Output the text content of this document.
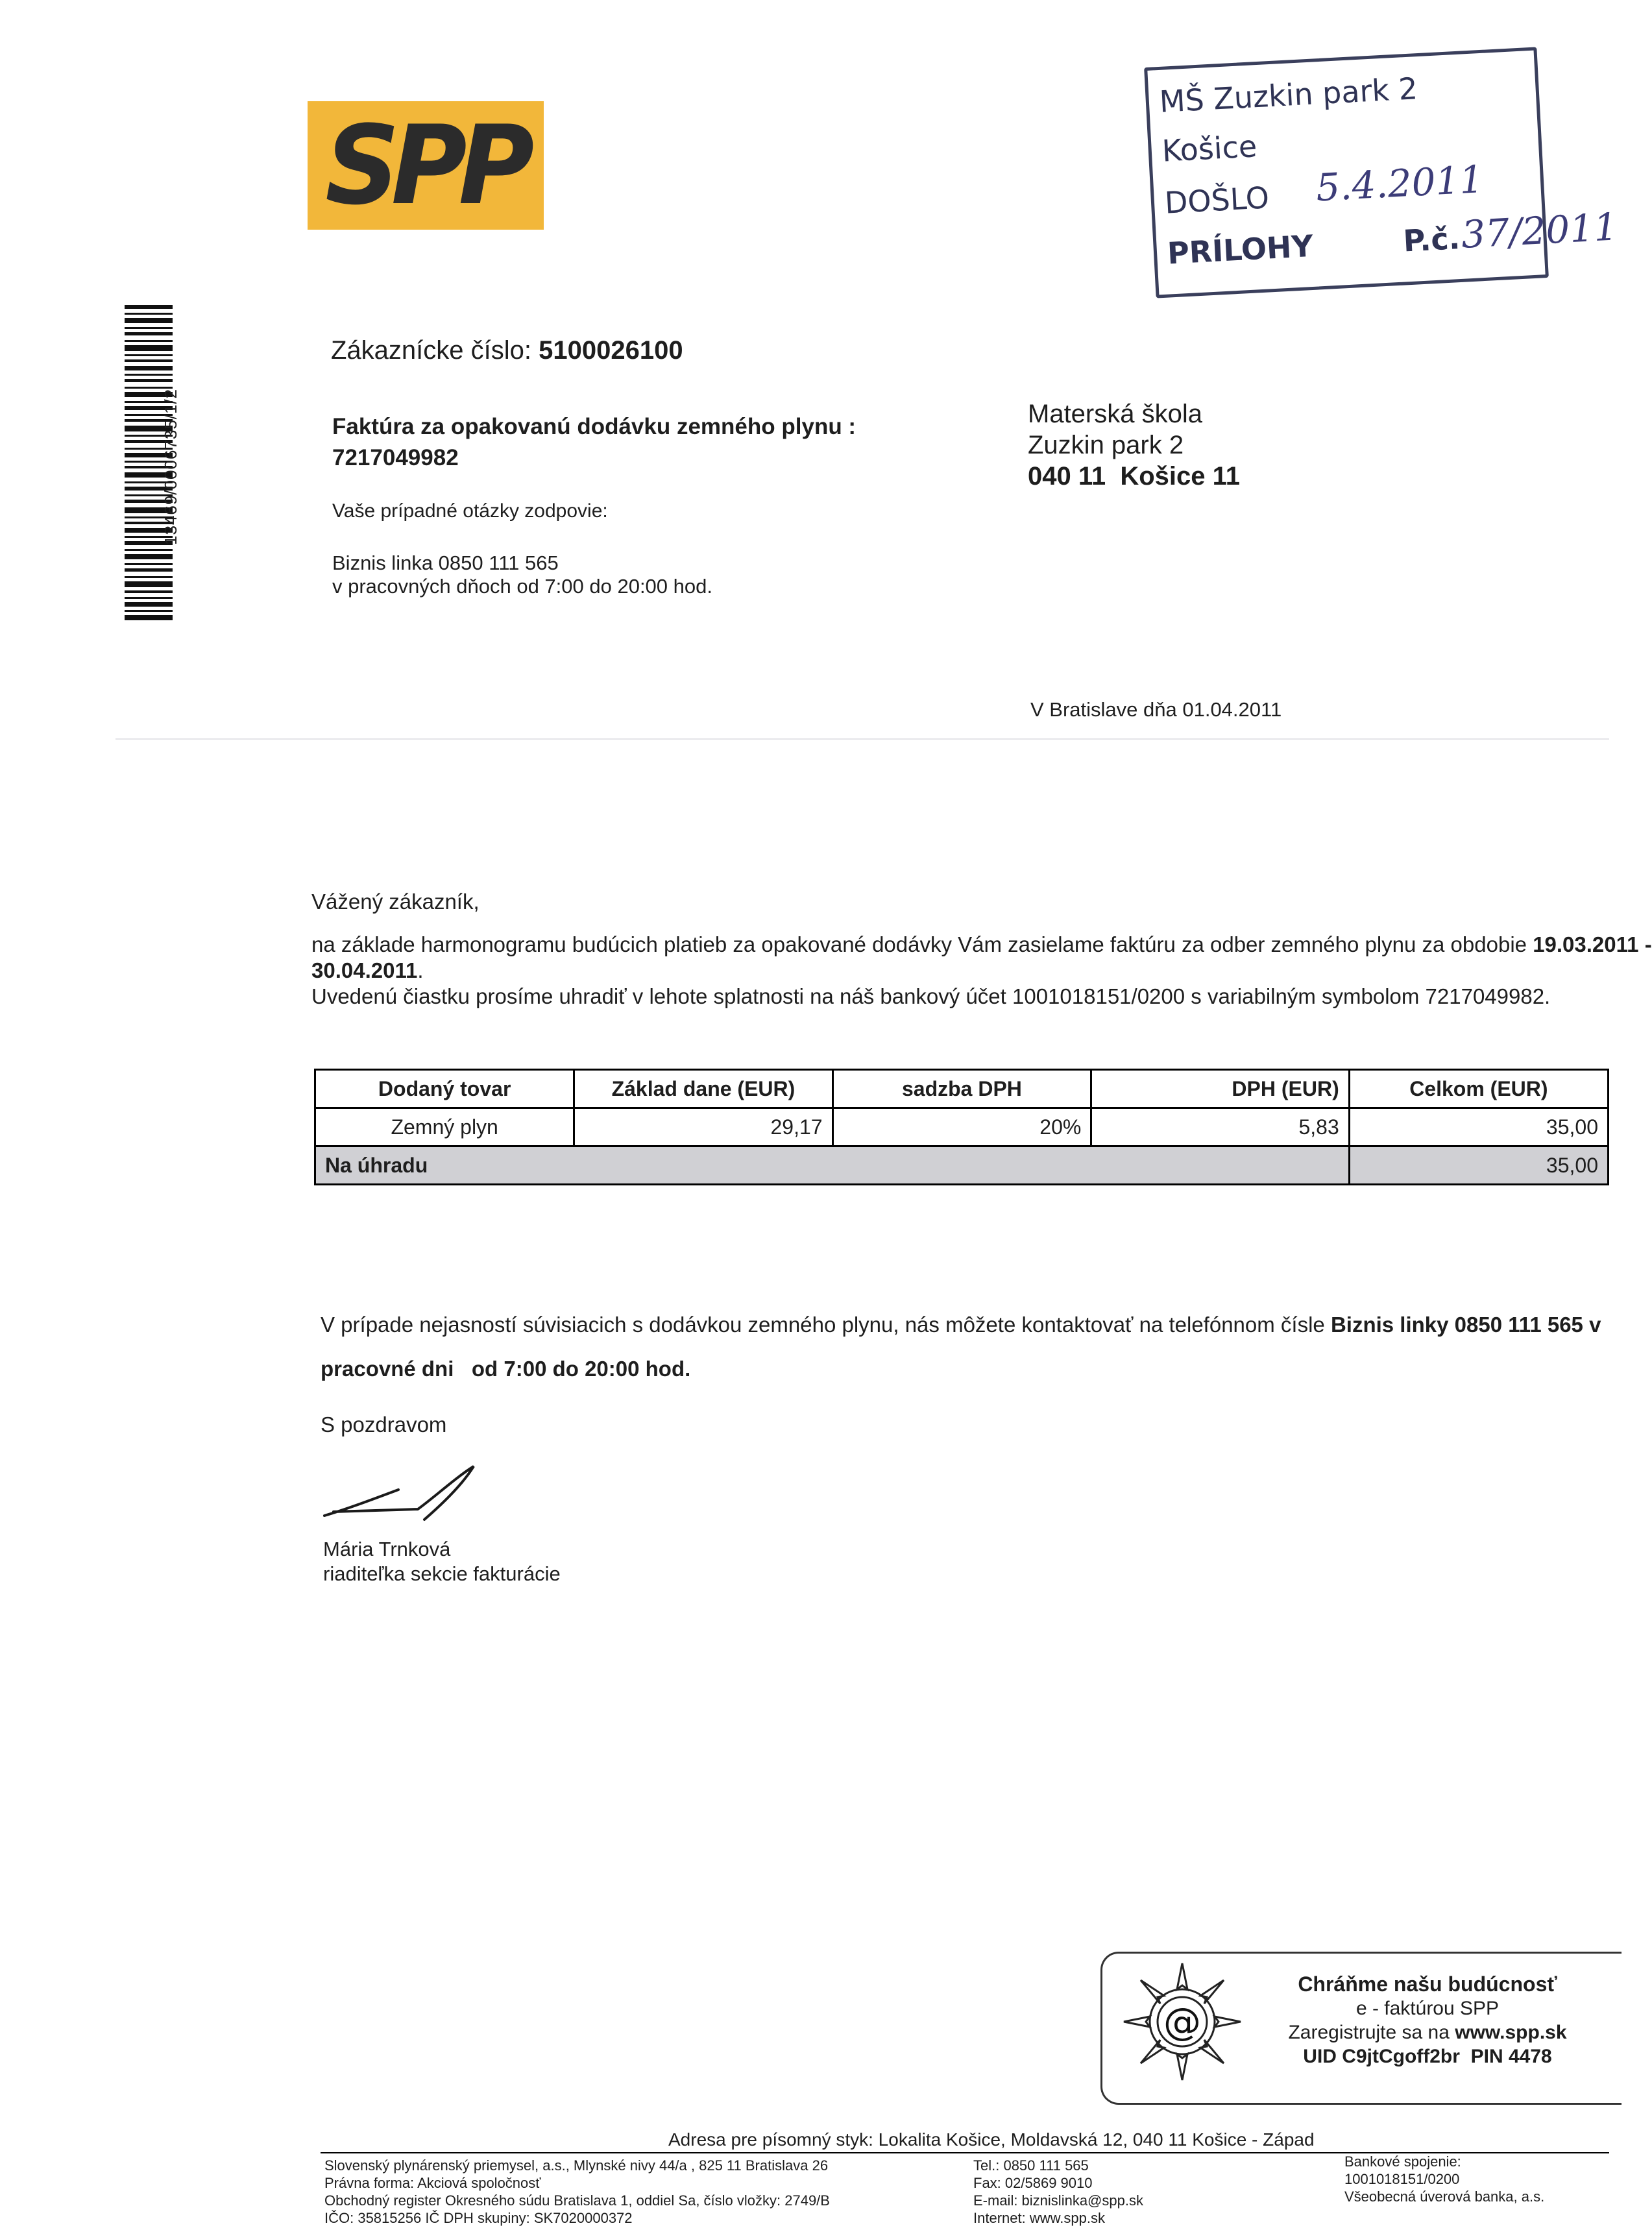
SPP
13469/0006735/1/2
MŠ Zuzkin park 2
Košice
DOŠLO
PRÍLOHY	P.č.
5.4.2011
37/2011
Zákaznícke číslo: 5100026100
Faktúra za opakovanú dodávku zemného plynu :
7217049982
Vaše prípadné otázky zodpovie:
Biznis linka 0850 111 565
v pracovných dňoch od 7:00 do 20:00 hod.
Materská škola
Zuzkin park 2
040 11  Košice 11
V Bratislave dňa 01.04.2011
Vážený zákazník,
na základe harmonogramu budúcich platieb za opakované dodávky Vám zasielame faktúru za odber zemného plynu za obdobie 19.03.2011 -
30.04.2011.
Uvedenú čiastku prosíme uhradiť v lehote splatnosti na náš bankový účet 1001018151/0200 s variabilným symbolom 7217049982.
Dodaný tovar	Základ dane (EUR)	sadzba DPH	DPH (EUR)	Celkom (EUR)
Zemný plyn	29,17	20%	5,83	35,00
Na úhradu				35,00
V prípade nejasností súvisiacich s dodávkou zemného plynu, nás môžete kontaktovať na telefónnom čísle Biznis linky 0850 111 565 v
pracovné dni   od 7:00 do 20:00 hod.
S pozdravom
Mária Trnková
riaditeľka sekcie fakturácie
@
Chráňme našu budúcnosť
e - faktúrou SPP
Zaregistrujte sa na www.spp.sk
UID C9jtCgoff2br  PIN 4478
Adresa pre písomný styk: Lokalita Košice, Moldavská 12, 040 11 Košice - Západ
Slovenský plynárenský priemysel, a.s., Mlynské nivy 44/a , 825 11 Bratislava 26
Právna forma: Akciová spoločnosť
Obchodný register Okresného súdu Bratislava 1, oddiel Sa, číslo vložky: 2749/B
IČO: 35815256 IČ DPH skupiny: SK7020000372
Tel.: 0850 111 565
Fax: 02/5869 9010
E-mail: biznislinka@spp.sk
Internet: www.spp.sk
Bankové spojenie:
1001018151/0200
Všeobecná úverová banka, a.s.
